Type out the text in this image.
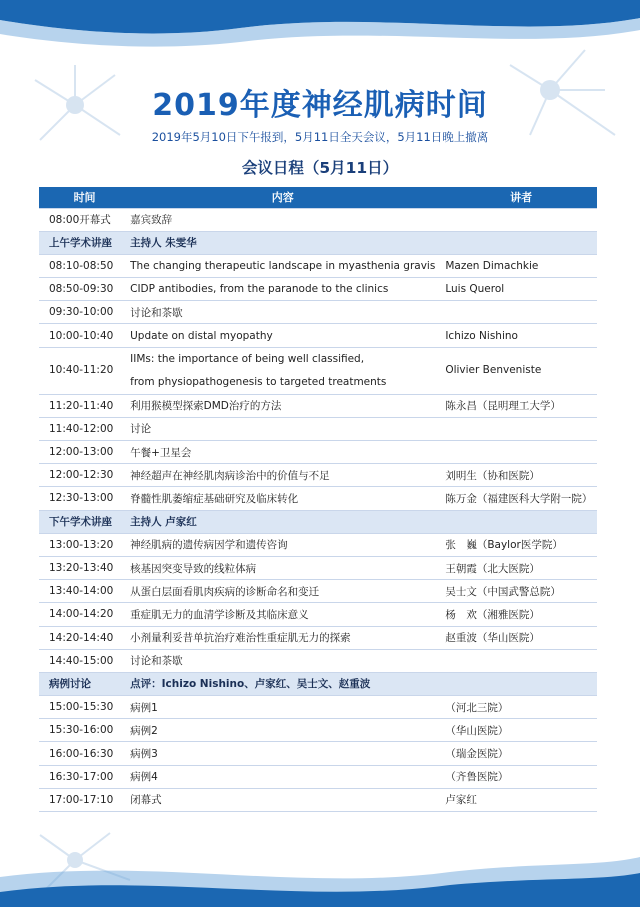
2019年度神经肌病时间
2019年5月10日下午报到，5月11日全天会议，5月11日晚上撤离
会议日程（5月11日）
时间	内容	讲者
08:00开幕式	嘉宾致辞	
上午学术讲座	主持人 朱雯华	
08:10-08:50	The changing therapeutic landscape in myasthenia gravis	Mazen Dimachkie
08:50-09:30	CIDP antibodies, from the paranode to the clinics	Luis Querol
09:30-10:00	讨论和茶歇	
10:00-10:40	Update on distal myopathy	Ichizo Nishino
10:40-11:20	IIMs: the importance of being well classified,
from physiopathogenesis to targeted treatments	Olivier Benveniste
11:20-11:40	利用猴模型探索DMD治疗的方法	陈永昌（昆明理工大学）
11:40-12:00	讨论	
12:00-13:00	午餐+卫星会	
12:00-12:30	神经超声在神经肌肉病诊治中的价值与不足	刘明生（协和医院）
12:30-13:00	脊髓性肌萎缩症基础研究及临床转化	陈万金（福建医科大学附一院）
下午学术讲座	主持人 卢家红	
13:00-13:20	神经肌病的遗传病因学和遗传咨询	张　巍（Baylor医学院）
13:20-13:40	核基因突变导致的线粒体病	王朝霞（北大医院）
13:40-14:00	从蛋白层面看肌肉疾病的诊断命名和变迁	吴士文（中国武警总院）
14:00-14:20	重症肌无力的血清学诊断及其临床意义	杨　欢（湘雅医院）
14:20-14:40	小剂量利妥昔单抗治疗难治性重症肌无力的探索	赵重波（华山医院）
14:40-15:00	讨论和茶歇	
病例讨论	点评：Ichizo Nishino、卢家红、吴士文、赵重波	
15:00-15:30	病例1	（河北三院）
15:30-16:00	病例2	（华山医院）
16:00-16:30	病例3	（瑞金医院）
16:30-17:00	病例4	（齐鲁医院）
17:00-17:10	闭幕式	卢家红
